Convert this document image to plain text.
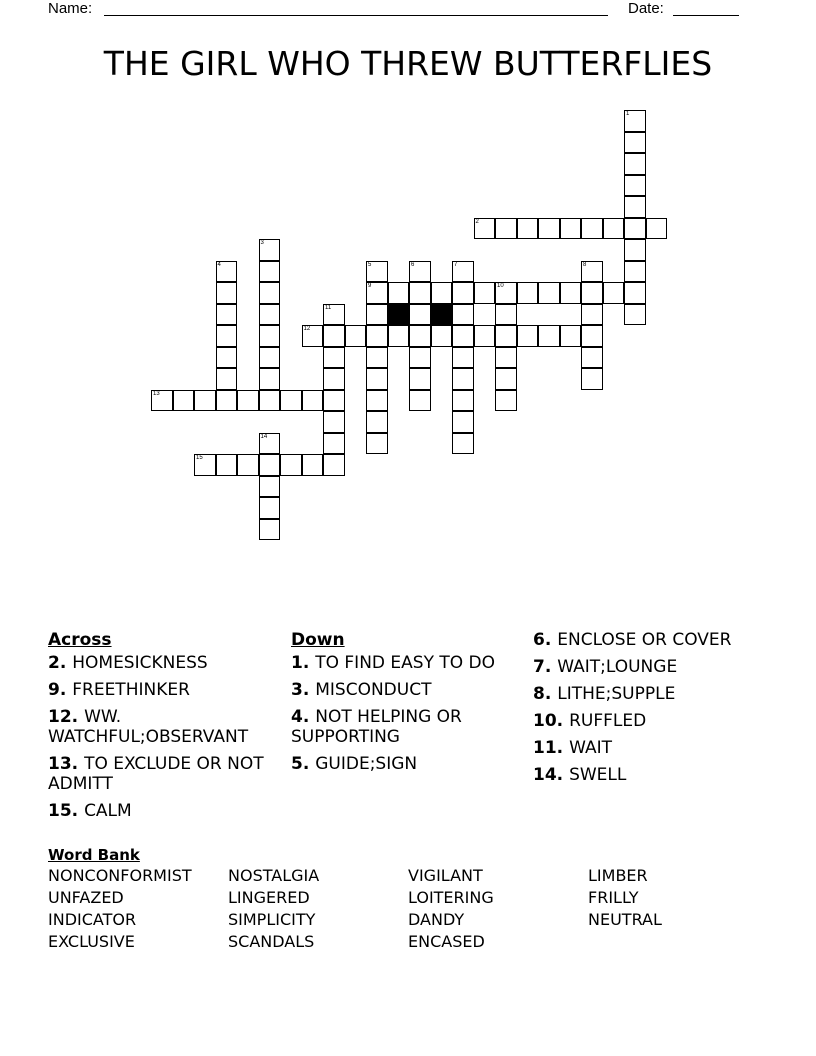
Name:	Date:
THE GIRL WHO THREW BUTTERFLIES
2
9	10
12
13
15
1
3
4	5	6	7	8
11
14
Across
2. HOMESICKNESS
9. FREETHINKER
12. WW. WATCHFUL;OBSERVANT
13. TO EXCLUDE OR NOT ADMITT
15. CALM
Down
1. TO FIND EASY TO DO
3. MISCONDUCT
4. NOT HELPING OR SUPPORTING
5. GUIDE;SIGN
6. ENCLOSE OR COVER
7. WAIT;LOUNGE
8. LITHE;SUPPLE
10. RUFFLED
11. WAIT
14. SWELL
Word Bank
NONCONFORMIST	NOSTALGIA	VIGILANT	LIMBER
UNFAZED	LINGERED	LOITERING	FRILLY
INDICATOR	SIMPLICITY	DANDY	NEUTRAL
EXCLUSIVE	SCANDALS	ENCASED
